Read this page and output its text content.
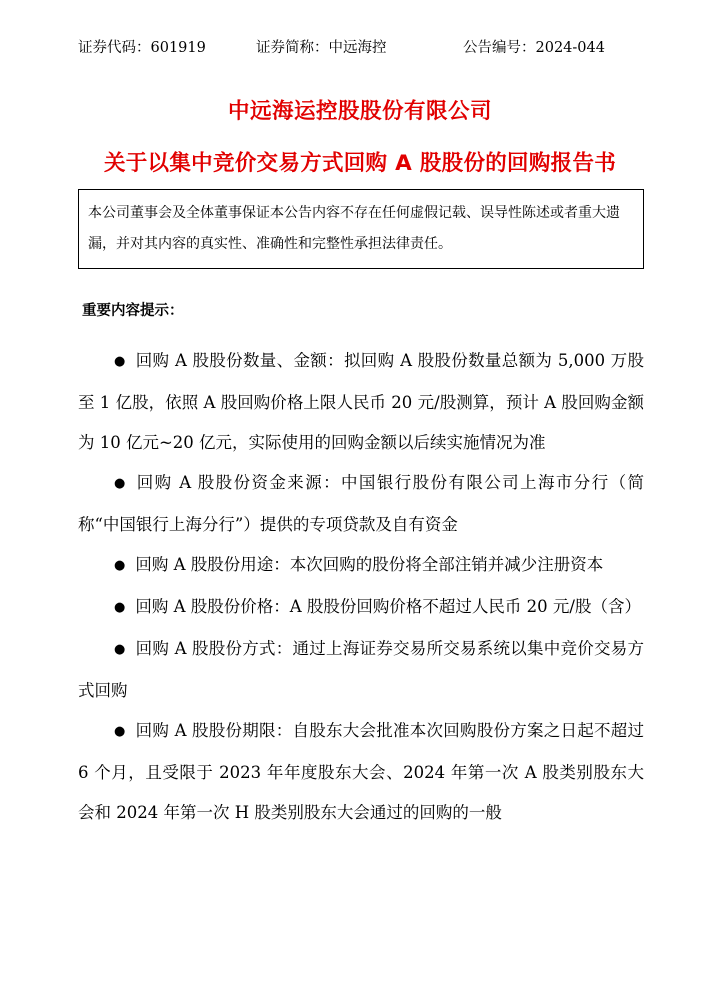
证券代码：601919	证券简称：中远海控	公告编号：2024-044
中远海运控股股份有限公司
关于以集中竞价交易方式回购 A 股股份的回购报告书
本公司董事会及全体董事保证本公告内容不存在任何虚假记载、误导性陈述或者重大遗漏，并对其内容的真实性、准确性和完整性承担法律责任。
重要内容提示：

● 回购 A 股股份数量、金额：拟回购 A 股股份数量总额为 5,000 万股至 1 亿股，依照 A 股回购价格上限人民币 20 元/股测算，预计 A 股回购金额为 10 亿元~20 亿元，实际使用的回购金额以后续实施情况为准

● 回购 A 股股份资金来源：中国银行股份有限公司上海市分行（简称“中国银行上海分行”）提供的专项贷款及自有资金

● 回购 A 股股份用途：本次回购的股份将全部注销并减少注册资本

● 回购 A 股股份价格：A 股股份回购价格不超过人民币 20 元/股（含）

● 回购 A 股股份方式：通过上海证券交易所交易系统以集中竞价交易方式回购

● 回购 A 股股份期限：自股东大会批准本次回购股份方案之日起不超过 6 个月，且受限于 2023 年年度股东大会、2024 年第一次 A 股类别股东大会和 2024 年第一次 H 股类别股东大会通过的回购的一般
